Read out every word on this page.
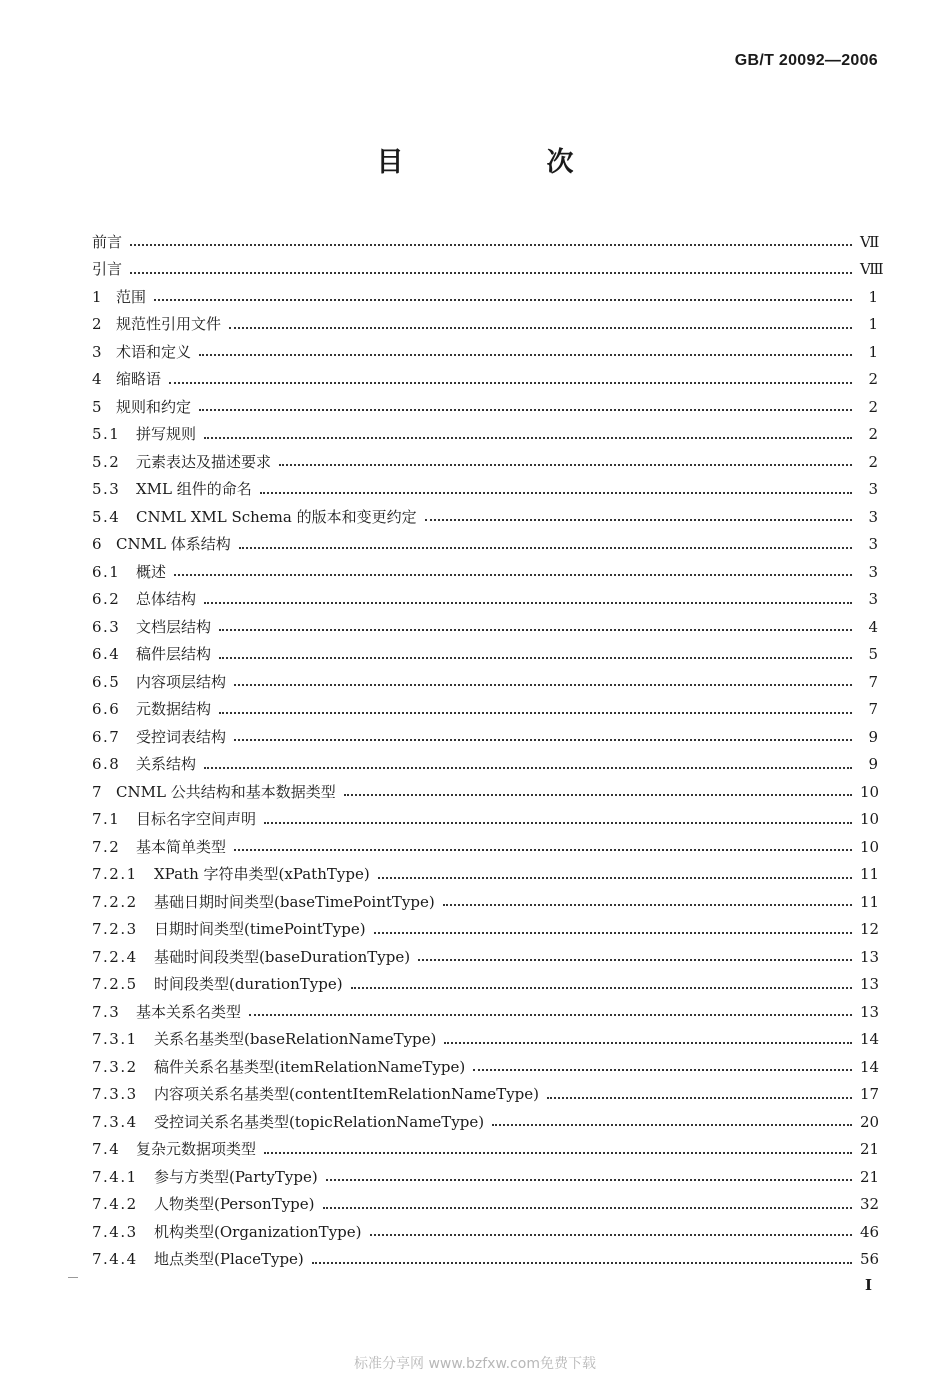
GB/T 20092—2006
目　次
前言	Ⅶ
引言	Ⅷ
1 范围	1
2 规范性引用文件	1
3 术语和定义	1
4 缩略语	2
5 规则和约定	2
5.1	拼写规则	2
5.2	元素表达及描述要求	2
5.3	XML 组件的命名	3
5.4	CNML XML Schema 的版本和变更约定	3
6 CNML 体系结构	3
6.1	概述	3
6.2	总体结构	3
6.3	文档层结构	4
6.4	稿件层结构	5
6.5	内容项层结构	7
6.6	元数据结构	7
6.7	受控词表结构	9
6.8	关系结构	9
7 CNML 公共结构和基本数据类型	10
7.1	目标名字空间声明	10
7.2	基本简单类型	10
7.2.1	XPath 字符串类型(xPathType)	11
7.2.2	基础日期时间类型(baseTimePointType)	11
7.2.3	日期时间类型(timePointType)	12
7.2.4	基础时间段类型(baseDurationType)	13
7.2.5	时间段类型(durationType)	13
7.3	基本关系名类型	13
7.3.1	关系名基类型(baseRelationNameType)	14
7.3.2	稿件关系名基类型(itemRelationNameType)	14
7.3.3	内容项关系名基类型(contentItemRelationNameType)	17
7.3.4	受控词关系名基类型(topicRelationNameType)	20
7.4	复杂元数据项类型	21
7.4.1	参与方类型(PartyType)	21
7.4.2	人物类型(PersonType)	32
7.4.3	机构类型(OrganizationType)	46
7.4.4	地点类型(PlaceType)	56
I
标准分享网 www.bzfxw.com免费下载
